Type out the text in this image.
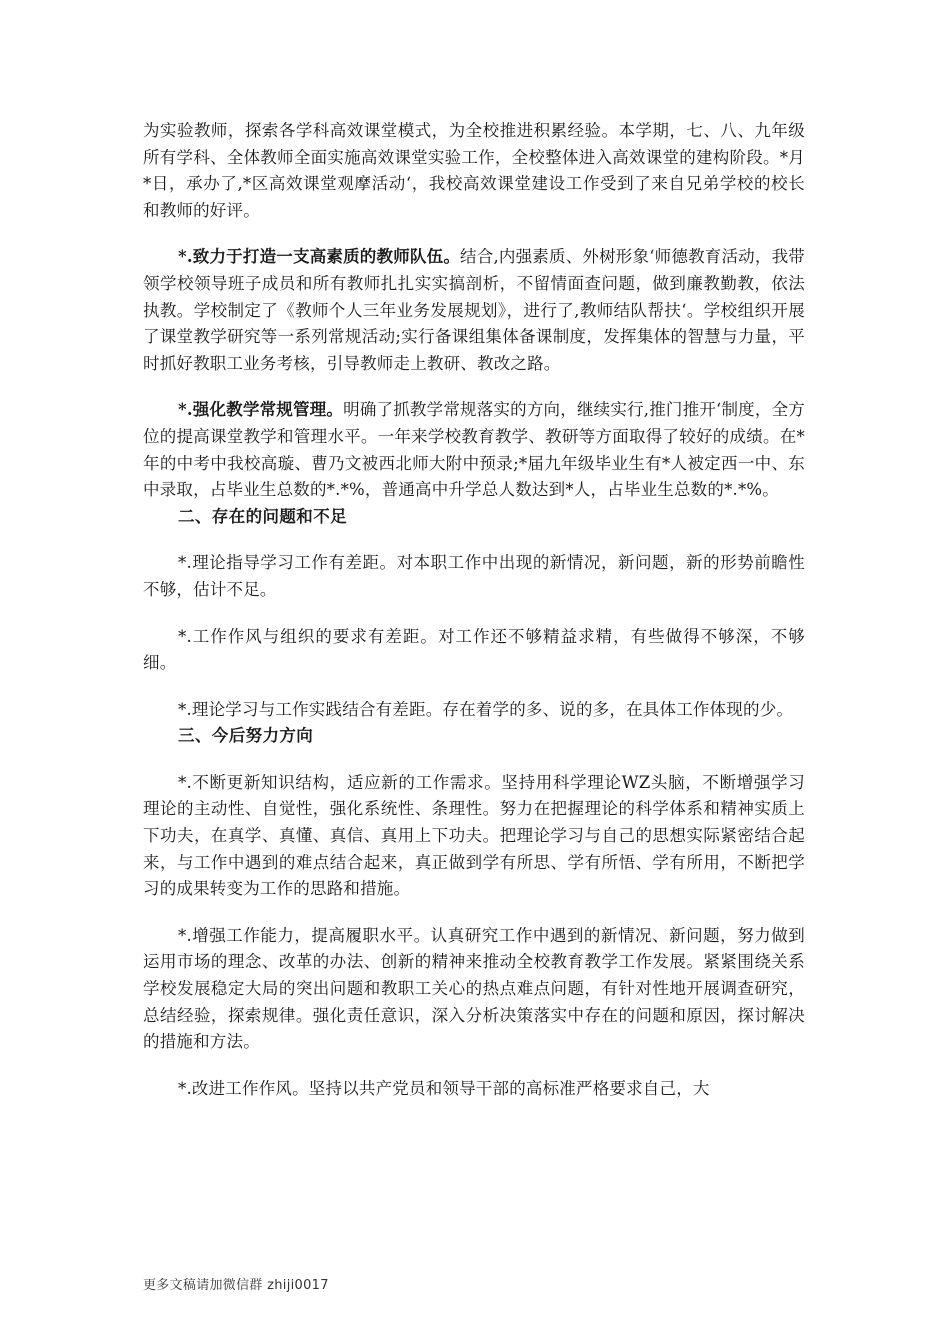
为实验教师，探索各学科高效课堂模式，为全校推进积累经验。本学期，七、八、九年级所有学科、全体教师全面实施高效课堂实验工作，全校整体进入高效课堂的建构阶段。*月*日，承办了,*区高效课堂观摩活动‘，我校高效课堂建设工作受到了来自兄弟学校的校长和教师的好评。

*.致力于打造一支高素质的教师队伍。结合,内强素质、外树形象‘师德教育活动，我带领学校领导班子成员和所有教师扎扎实实搞剖析，不留情面查问题，做到廉教勤教，依法执教。学校制定了《教师个人三年业务发展规划》，进行了,教师结队帮扶‘。学校组织开展了课堂教学研究等一系列常规活动;实行备课组集体备课制度，发挥集体的智慧与力量，平时抓好教职工业务考核，引导教师走上教研、教改之路。

*.强化教学常规管理。明确了抓教学常规落实的方向，继续实行,推门推开‘制度，全方位的提高课堂教学和管理水平。一年来学校教育教学、教研等方面取得了较好的成绩。在*年的中考中我校高璇、曹乃文被西北师大附中预录;*届九年级毕业生有*人被定西一中、东中录取，占毕业生总数的*.*%，普通高中升学总人数达到*人，占毕业生总数的*.*%。

二、存在的问题和不足

*.理论指导学习工作有差距。对本职工作中出现的新情况，新问题，新的形势前瞻性不够，估计不足。

*.工作作风与组织的要求有差距。对工作还不够精益求精，有些做得不够深，不够细。

*.理论学习与工作实践结合有差距。存在着学的多、说的多，在具体工作体现的少。

三、今后努力方向

*.不断更新知识结构，适应新的工作需求。坚持用科学理论WZ头脑，不断增强学习理论的主动性、自觉性，强化系统性、条理性。努力在把握理论的科学体系和精神实质上下功夫，在真学、真懂、真信、真用上下功夫。把理论学习与自己的思想实际紧密结合起来，与工作中遇到的难点结合起来，真正做到学有所思、学有所悟、学有所用，不断把学习的成果转变为工作的思路和措施。

*.增强工作能力，提高履职水平。认真研究工作中遇到的新情况、新问题，努力做到运用市场的理念、改革的办法、创新的精神来推动全校教育教学工作发展。紧紧围绕关系学校发展稳定大局的突出问题和教职工关心的热点难点问题，有针对性地开展调查研究，总结经验，探索规律。强化责任意识，深入分析决策落实中存在的问题和原因，探讨解决的措施和方法。

*.改进工作作风。坚持以共产党员和领导干部的高标准严格要求自己，大

更多文稿请加微信群 zhiji0017
